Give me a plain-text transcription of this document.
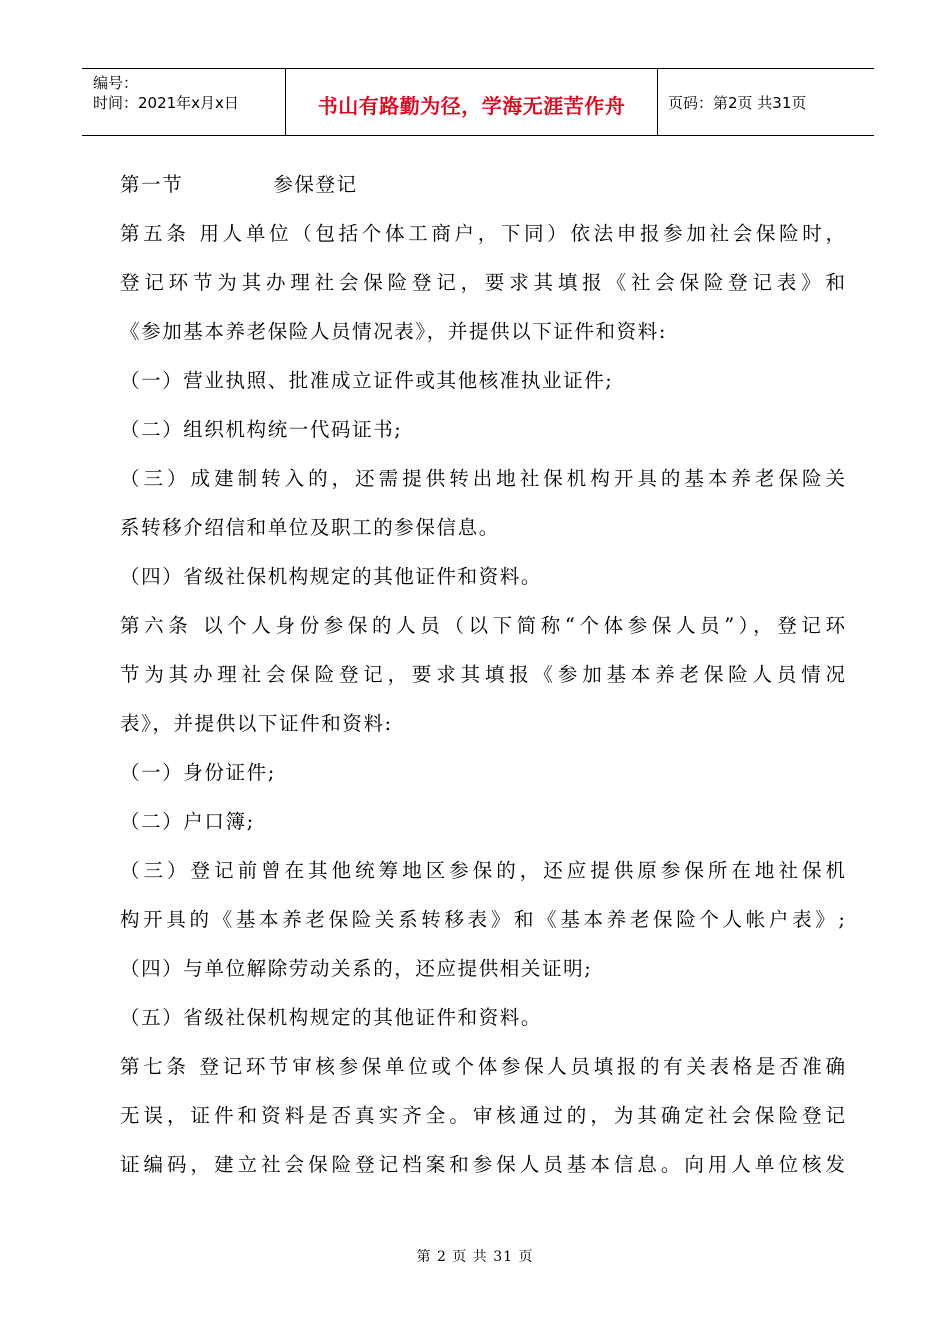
编号：
时间：2021年x月x日	书山有路勤为径，学海无涯苦作舟	页码：第2页 共31页
第一节	参保登记
第五条 用人单位（包括个体工商户，下同）依法申报参加社会保险时，
登记环节为其办理社会保险登记，要求其填报《社会保险登记表》和
《参加基本养老保险人员情况表》，并提供以下证件和资料:
（一）营业执照、批准成立证件或其他核准执业证件;
（二）组织机构统一代码证书;
（三）成建制转入的，还需提供转出地社保机构开具的基本养老保险关
系转移介绍信和单位及职工的参保信息。
（四）省级社保机构规定的其他证件和资料。
第六条 以个人身份参保的人员（以下简称“个体参保人员”），登记环
节为其办理社会保险登记，要求其填报《参加基本养老保险人员情况
表》，并提供以下证件和资料:
（一）身份证件;
（二）户口簿;
（三）登记前曾在其他统筹地区参保的，还应提供原参保所在地社保机
构开具的《基本养老保险关系转移表》和《基本养老保险个人帐户表》;
（四）与单位解除劳动关系的，还应提供相关证明;
（五）省级社保机构规定的其他证件和资料。
第七条 登记环节审核参保单位或个体参保人员填报的有关表格是否准确
无误，证件和资料是否真实齐全。审核通过的，为其确定社会保险登记
证编码，建立社会保险登记档案和参保人员基本信息。向用人单位核发
第 2 页 共 31 页
